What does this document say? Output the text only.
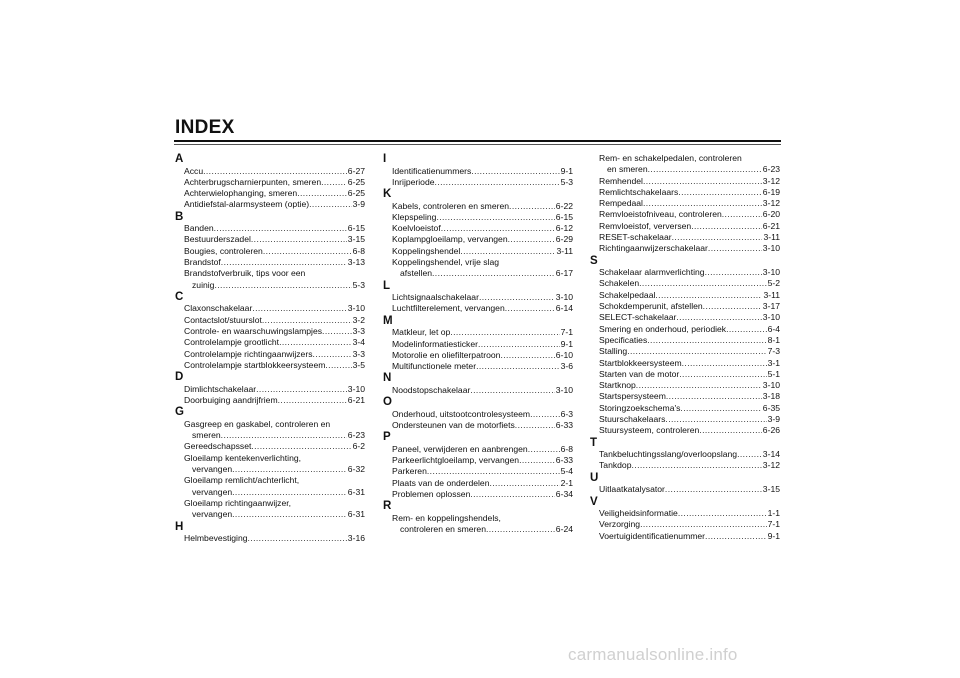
INDEX
A
Accu .....	6-27
Achterbrugscharnierpunten, smeren .....	6-25
Achterwielophanging, smeren .....	6-25
Antidiefstal-alarmsysteem (optie) .....	3-9
B
Banden .....	6-15
Bestuurderszadel .....	3-15
Bougies, controleren .....	6-8
Brandstof .....	3-13
Brandstofverbruik, tips voor een
zuinig .....	5-3
C
Claxonschakelaar .....	3-10
Contactslot/stuurslot .....	3-2
Controle- en waarschuwingslampjes .....	3-3
Controlelampje grootlicht .....	3-4
Controlelampje richtingaanwijzers .....	3-3
Controlelampje startblokkeersysteem .....	3-5
D
Dimlichtschakelaar .....	3-10
Doorbuiging aandrijfriem .....	6-21
G
Gasgreep en gaskabel, controleren en
smeren .....	6-23
Gereedschapsset .....	6-2
Gloeilamp kentekenverlichting,
vervangen .....	6-32
Gloeilamp remlicht/achterlicht,
vervangen .....	6-31
Gloeilamp richtingaanwijzer,
vervangen .....	6-31
H
Helmbevestiging .....	3-16
I
Identificatienummers .....	9-1
Inrijperiode .....	5-3
K
Kabels, controleren en smeren .....	6-22
Klepspeling .....	6-15
Koelvloeistof .....	6-12
Koplampgloeilamp, vervangen .....	6-29
Koppelingshendel .....	3-11
Koppelingshendel, vrije slag
afstellen .....	6-17
L
Lichtsignaalschakelaar .....	3-10
Luchtfilterelement, vervangen .....	6-14
M
Matkleur, let op .....	7-1
Modelinformatiesticker .....	9-1
Motorolie en oliefilterpatroon .....	6-10
Multifunctionele meter .....	3-6
N
Noodstopschakelaar .....	3-10
O
Onderhoud, uitstootcontrolesysteem .....	6-3
Ondersteunen van de motorfiets .....	6-33
P
Paneel, verwijderen en aanbrengen .....	6-8
Parkeerlichtgloeilamp, vervangen .....	6-33
Parkeren .....	5-4
Plaats van de onderdelen .....	2-1
Problemen oplossen .....	6-34
R
Rem- en koppelingshendels,
controleren en smeren .....	6-24
Rem- en schakelpedalen, controleren
en smeren .....	6-23
Remhendel .....	3-12
Remlichtschakelaars .....	6-19
Rempedaal .....	3-12
Remvloeistofniveau, controleren .....	6-20
Remvloeistof, verversen .....	6-21
RESET-schakelaar .....	3-11
Richtingaanwijzerschakelaar .....	3-10
S
Schakelaar alarmverlichting .....	3-10
Schakelen .....	5-2
Schakelpedaal .....	3-11
Schokdemperunit, afstellen .....	3-17
SELECT-schakelaar .....	3-10
Smering en onderhoud, periodiek .....	6-4
Specificaties .....	8-1
Stalling .....	7-3
Startblokkeersysteem .....	3-1
Starten van de motor .....	5-1
Startknop .....	3-10
Startspersysteem .....	3-18
Storingzoekschema's .....	6-35
Stuurschakelaars .....	3-9
Stuursysteem, controleren .....	6-26
T
Tankbeluchtingsslang/overloopslang .....	3-14
Tankdop .....	3-12
U
Uitlaatkatalysator .....	3-15
V
Veiligheidsinformatie .....	1-1
Verzorging .....	7-1
Voertuigidentificatienummer .....	9-1
carmanualsonline.info
